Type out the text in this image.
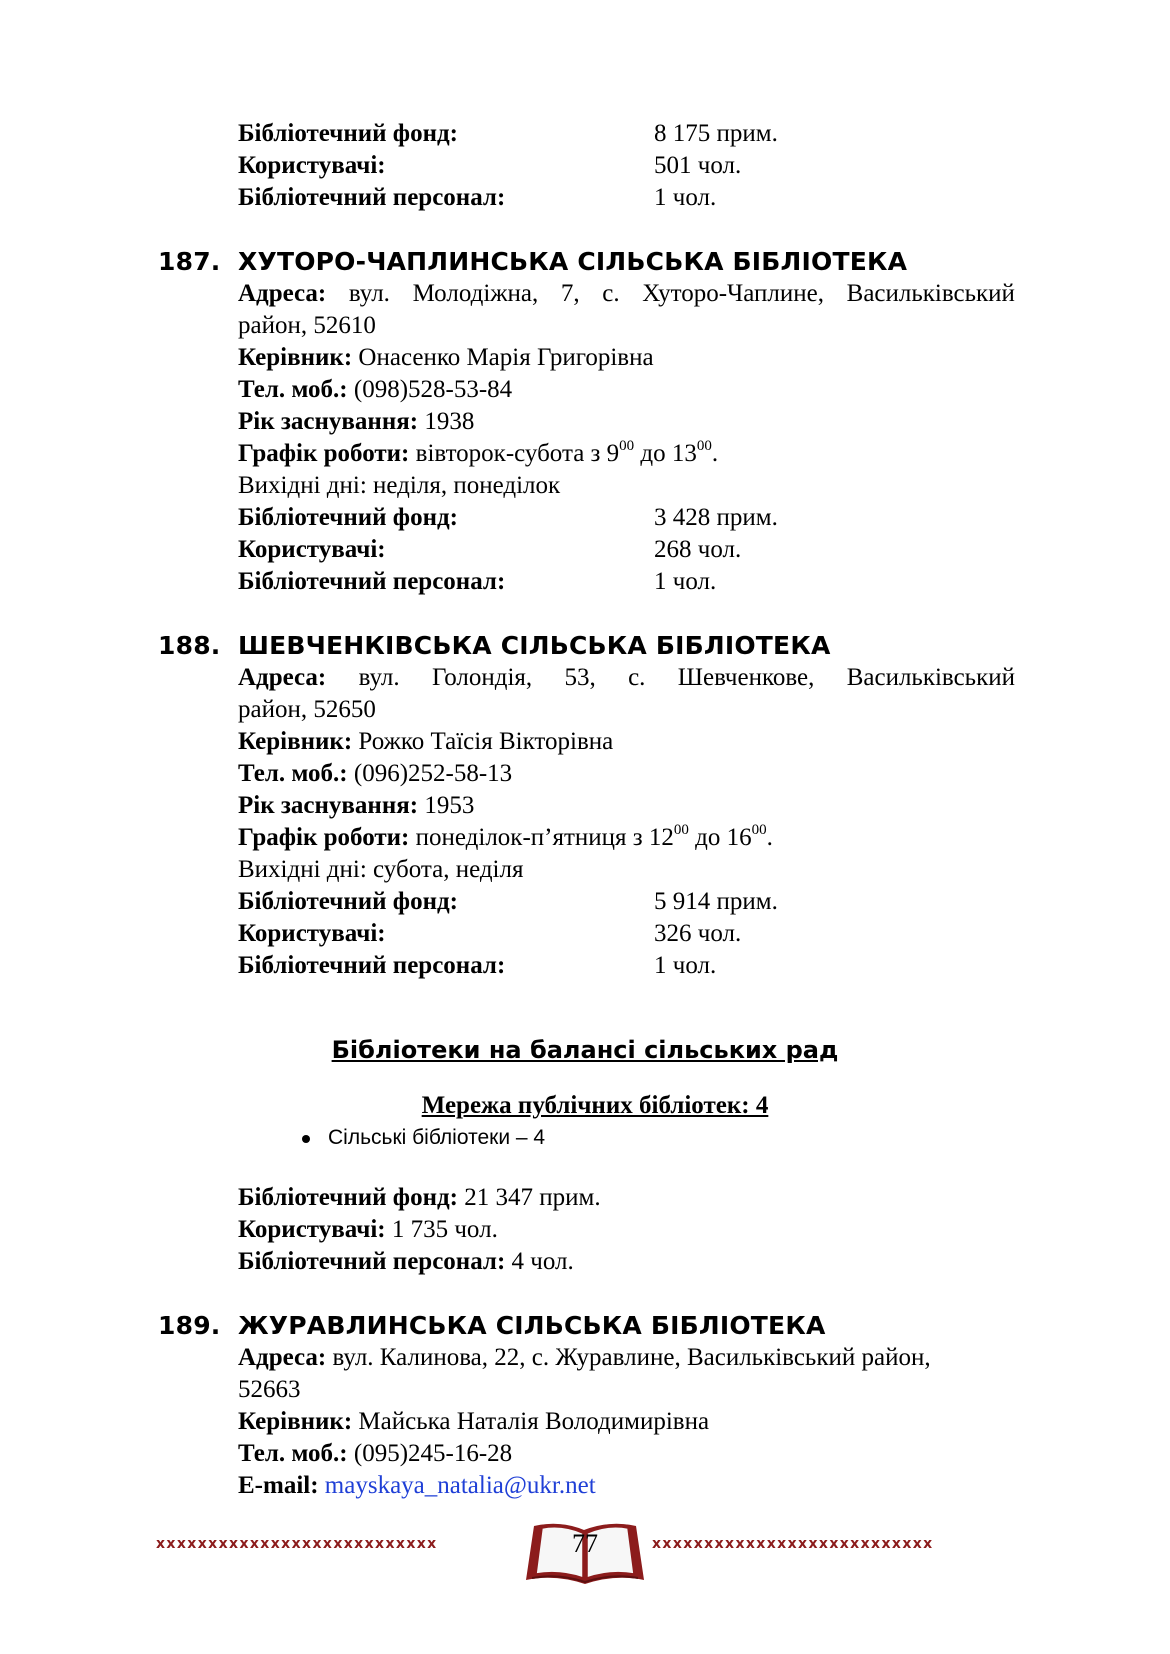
Бібліотечний фонд:	8 175 прим.
Користувачі:	501 чол.
Бібліотечний персонал:	1 чол.
187. ХУТОРО-ЧАПЛИНСЬКА СІЛЬСЬКА БІБЛІОТЕКА
Адреса: вул. Молодіжна, 7, с. Хуторо-Чаплине, Васильківський
район, 52610
Керівник: Онасенко Марія Григорівна
Тел. моб.: (098)528-53-84
Рік заснування: 1938
Графік роботи: вівторок-субота з $9^{00}$ до $13^{00}$.
Вихідні дні: неділя, понеділок
Бібліотечний фонд:	3 428 прим.
Користувачі:	268 чол.
Бібліотечний персонал:	1 чол.
188. ШЕВЧЕНКІВСЬКА СІЛЬСЬКА БІБЛІОТЕКА
Адреса: вул. Голондія, 53, с. Шевченкове, Васильківський
район, 52650
Керівник: Рожко Таїсія Вікторівна
Тел. моб.: (096)252-58-13
Рік заснування: 1953
Графік роботи: понеділок-п’ятниця з $12^{00}$ до $16^{00}$.
Вихідні дні: субота, неділя
Бібліотечний фонд:	5 914 прим.
Користувачі:	326 чол.
Бібліотечний персонал:	1 чол.
Бібліотеки на балансі сільських рад
Мережа публічних бібліотек: 4
Сільські бібліотеки – 4
Бібліотечний фонд: 21 347 прим.
Користувачі: 1 735 чол.
Бібліотечний персонал: 4 чол.
189. ЖУРАВЛИНСЬКА СІЛЬСЬКА БІБЛІОТЕКА
Адреса: вул. Калинова, 22, с. Журавлине, Васильківський район,
52663
Керівник: Майська Наталія Володимирівна
Тел. моб.: (095)245-16-28
E-mail: mayskaya_natalia@ukr.net
xxxxxxxxxxxxxxxxxxxxxxxxxxx	xxxxxxxxxxxxxxxxxxxxxxxxxxx
77
